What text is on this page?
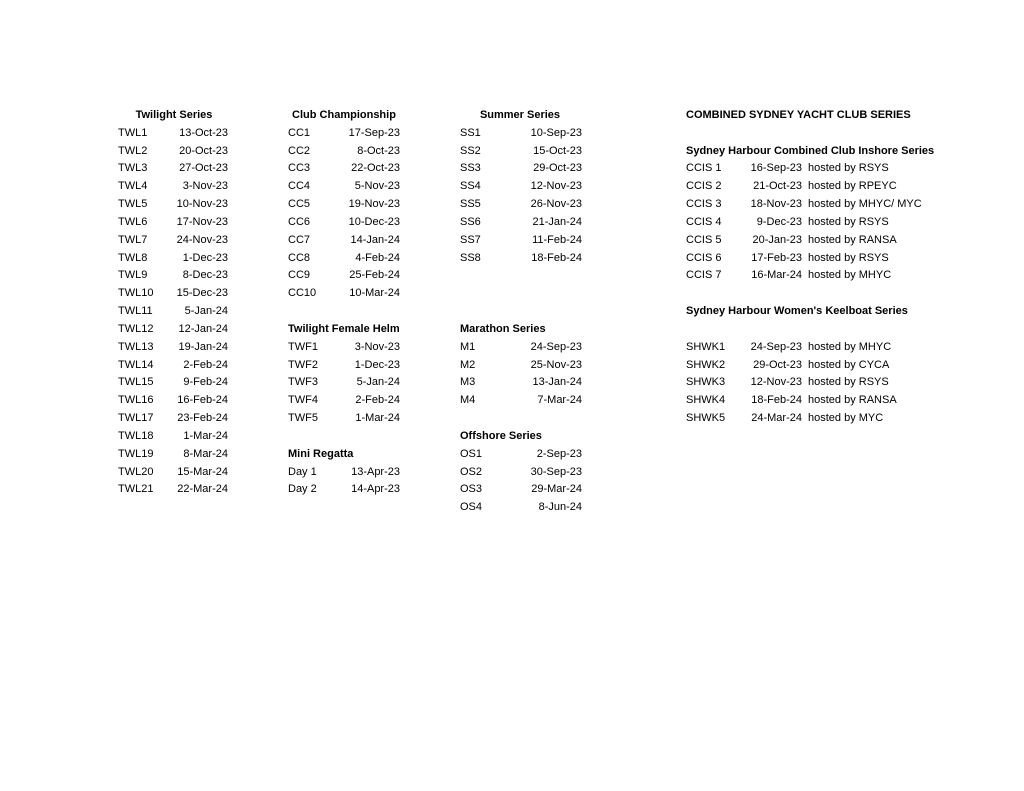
Twilight Series
TWL1	13-Oct-23
TWL2	20-Oct-23
TWL3	27-Oct-23
TWL4	3-Nov-23
TWL5	10-Nov-23
TWL6	17-Nov-23
TWL7	24-Nov-23
TWL8	1-Dec-23
TWL9	8-Dec-23
TWL10	15-Dec-23
TWL11	5-Jan-24
TWL12	12-Jan-24
TWL13	19-Jan-24
TWL14	2-Feb-24
TWL15	9-Feb-24
TWL16	16-Feb-24
TWL17	23-Feb-24
TWL18	1-Mar-24
TWL19	8-Mar-24
TWL20	15-Mar-24
TWL21	22-Mar-24
Club Championship
CC1	17-Sep-23
CC2	8-Oct-23
CC3	22-Oct-23
CC4	5-Nov-23
CC5	19-Nov-23
CC6	10-Dec-23
CC7	14-Jan-24
CC8	4-Feb-24
CC9	25-Feb-24
CC10	10-Mar-24
Twilight Female Helm
TWF1	3-Nov-23
TWF2	1-Dec-23
TWF3	5-Jan-24
TWF4	2-Feb-24
TWF5	1-Mar-24
Mini Regatta
Day 1	13-Apr-23
Day 2	14-Apr-23
Summer Series
SS1	10-Sep-23
SS2	15-Oct-23
SS3	29-Oct-23
SS4	12-Nov-23
SS5	26-Nov-23
SS6	21-Jan-24
SS7	11-Feb-24
SS8	18-Feb-24
Marathon Series
M1	24-Sep-23
M2	25-Nov-23
M3	13-Jan-24
M4	7-Mar-24
Offshore Series
OS1	2-Sep-23
OS2	30-Sep-23
OS3	29-Mar-24
OS4	8-Jun-24
COMBINED SYDNEY YACHT CLUB SERIES
Sydney Harbour Combined Club Inshore Series
CCIS 1	16-Sep-23 hosted by RSYS
CCIS 2	21-Oct-23 hosted by RPEYC
CCIS 3	18-Nov-23 hosted by MHYC/ MYC
CCIS 4	9-Dec-23 hosted by RSYS
CCIS 5	20-Jan-23 hosted by RANSA
CCIS 6	17-Feb-23 hosted by RSYS
CCIS 7	16-Mar-24 hosted by MHYC
Sydney Harbour Women's Keelboat Series
SHWK1	24-Sep-23 hosted by MHYC
SHWK2	29-Oct-23 hosted by CYCA
SHWK3	12-Nov-23 hosted by RSYS
SHWK4	18-Feb-24 hosted by RANSA
SHWK5	24-Mar-24 hosted by MYC
